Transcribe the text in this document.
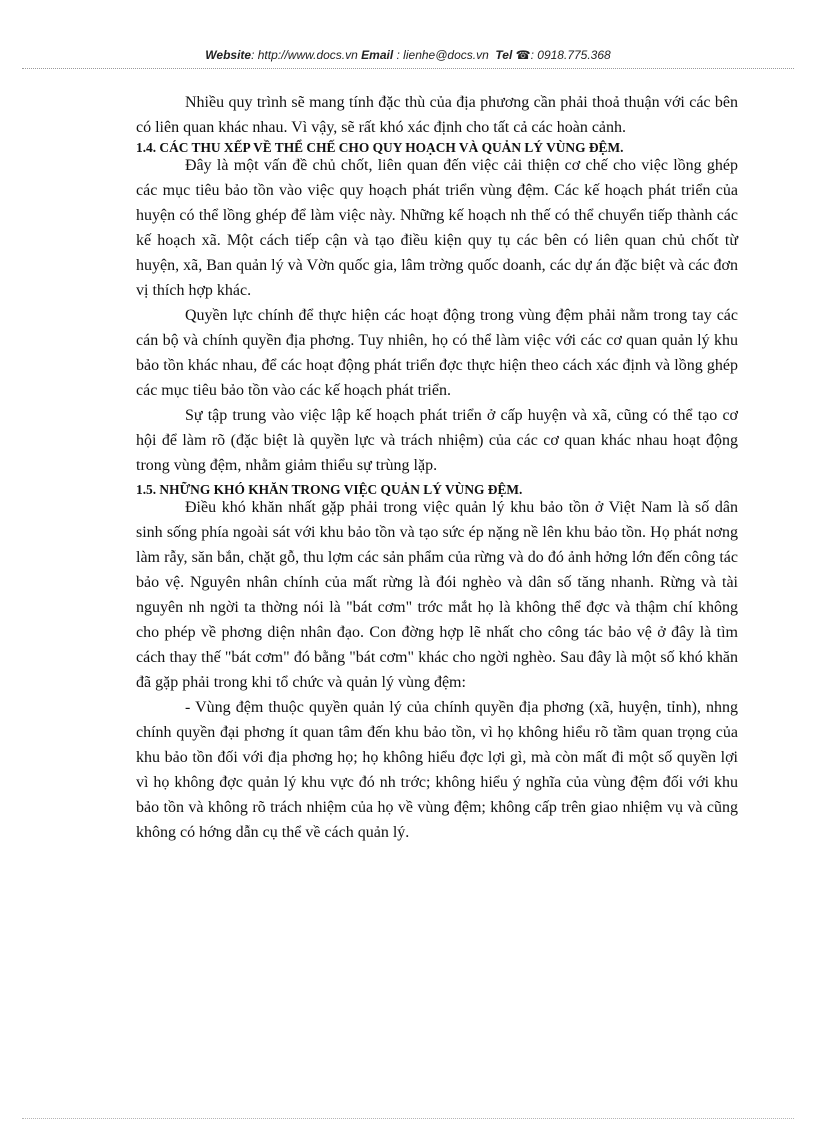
Website: http://www.docs.vn Email : lienhe@docs.vn Tel ☎: 0918.775.368

Nhiều quy trình sẽ mang tính đặc thù của địa phương cần phải thoả thuận với các bên có liên quan khác nhau. Vì vậy, sẽ rất khó xác định cho tất cả các hoàn cảnh.

1.4. CÁC THU XẾP VỀ THỂ CHẾ CHO QUY HOẠCH VÀ QUẢN LÝ VÙNG ĐỆM.

Đây là một vấn đề chủ chốt, liên quan đến việc cải thiện cơ chế cho việc lồng ghép các mục tiêu bảo tồn vào việc quy hoạch phát triển vùng đệm. Các kế hoạch phát triển của huyện có thể lồng ghép để làm việc này. Những kế hoạch nh thế có thể chuyển tiếp thành các kế hoạch xã. Một cách tiếp cận và tạo điều kiện quy tụ các bên có liên quan chủ chốt từ huyện, xã, Ban quản lý và Vờn quốc gia, lâm trờng quốc doanh, các dự án đặc biệt và các đơn vị thích hợp khác.

Quyền lực chính để thực hiện các hoạt động trong vùng đệm phải nằm trong tay các cán bộ và chính quyền địa phơng. Tuy nhiên, họ có thể làm việc với các cơ quan quản lý khu bảo tồn khác nhau, để các hoạt động phát triển đợc thực hiện theo cách xác định và lồng ghép các mục tiêu bảo tồn vào các kế hoạch phát triển.

Sự tập trung vào việc lập kế hoạch phát triển ở cấp huyện và xã, cũng có thể tạo cơ hội để làm rõ (đặc biệt là quyền lực và trách nhiệm) của các cơ quan khác nhau hoạt động trong vùng đệm, nhằm giảm thiểu sự trùng lặp.

1.5. NHỮNG KHÓ KHĂN TRONG VIỆC QUẢN LÝ VÙNG ĐỆM.

Điều khó khăn nhất gặp phải trong việc quản lý khu bảo tồn ở Việt Nam là số dân sinh sống phía ngoài sát với khu bảo tồn và tạo sức ép nặng nề lên khu bảo tồn. Họ phát nơng làm rẫy, săn bắn, chặt gỗ, thu lợm các sản phẩm của rừng và do đó ảnh hởng lớn đến công tác bảo vệ. Nguyên nhân chính của mất rừng là đói nghèo và dân số tăng nhanh. Rừng và tài nguyên nh ngời ta thờng nói là "bát cơm" trớc mắt họ là không thể đợc và thậm chí không cho phép về phơng diện nhân đạo. Con đờng hợp lẽ nhất cho công tác bảo vệ ở đây là tìm cách thay thế "bát cơm" đó bằng "bát cơm" khác cho ngời nghèo. Sau đây là một số khó khăn đã gặp phải trong khi tổ chức và quản lý vùng đệm:

- Vùng đệm thuộc quyền quản lý của chính quyền địa phơng (xã, huyện, tỉnh), nhng chính quyền đại phơng ít quan tâm đến khu bảo tồn, vì họ không hiểu rõ tầm quan trọng của khu bảo tồn đối với địa phơng họ; họ không hiểu đợc lợi gì, mà còn mất đi một số quyền lợi vì họ không đợc quản lý khu vực đó nh trớc; không hiểu ý nghĩa của vùng đệm đối với khu bảo tồn và không rõ trách nhiệm của họ về vùng đệm; không cấp trên giao nhiệm vụ và cũng không có hớng dẫn cụ thể về cách quản lý.
